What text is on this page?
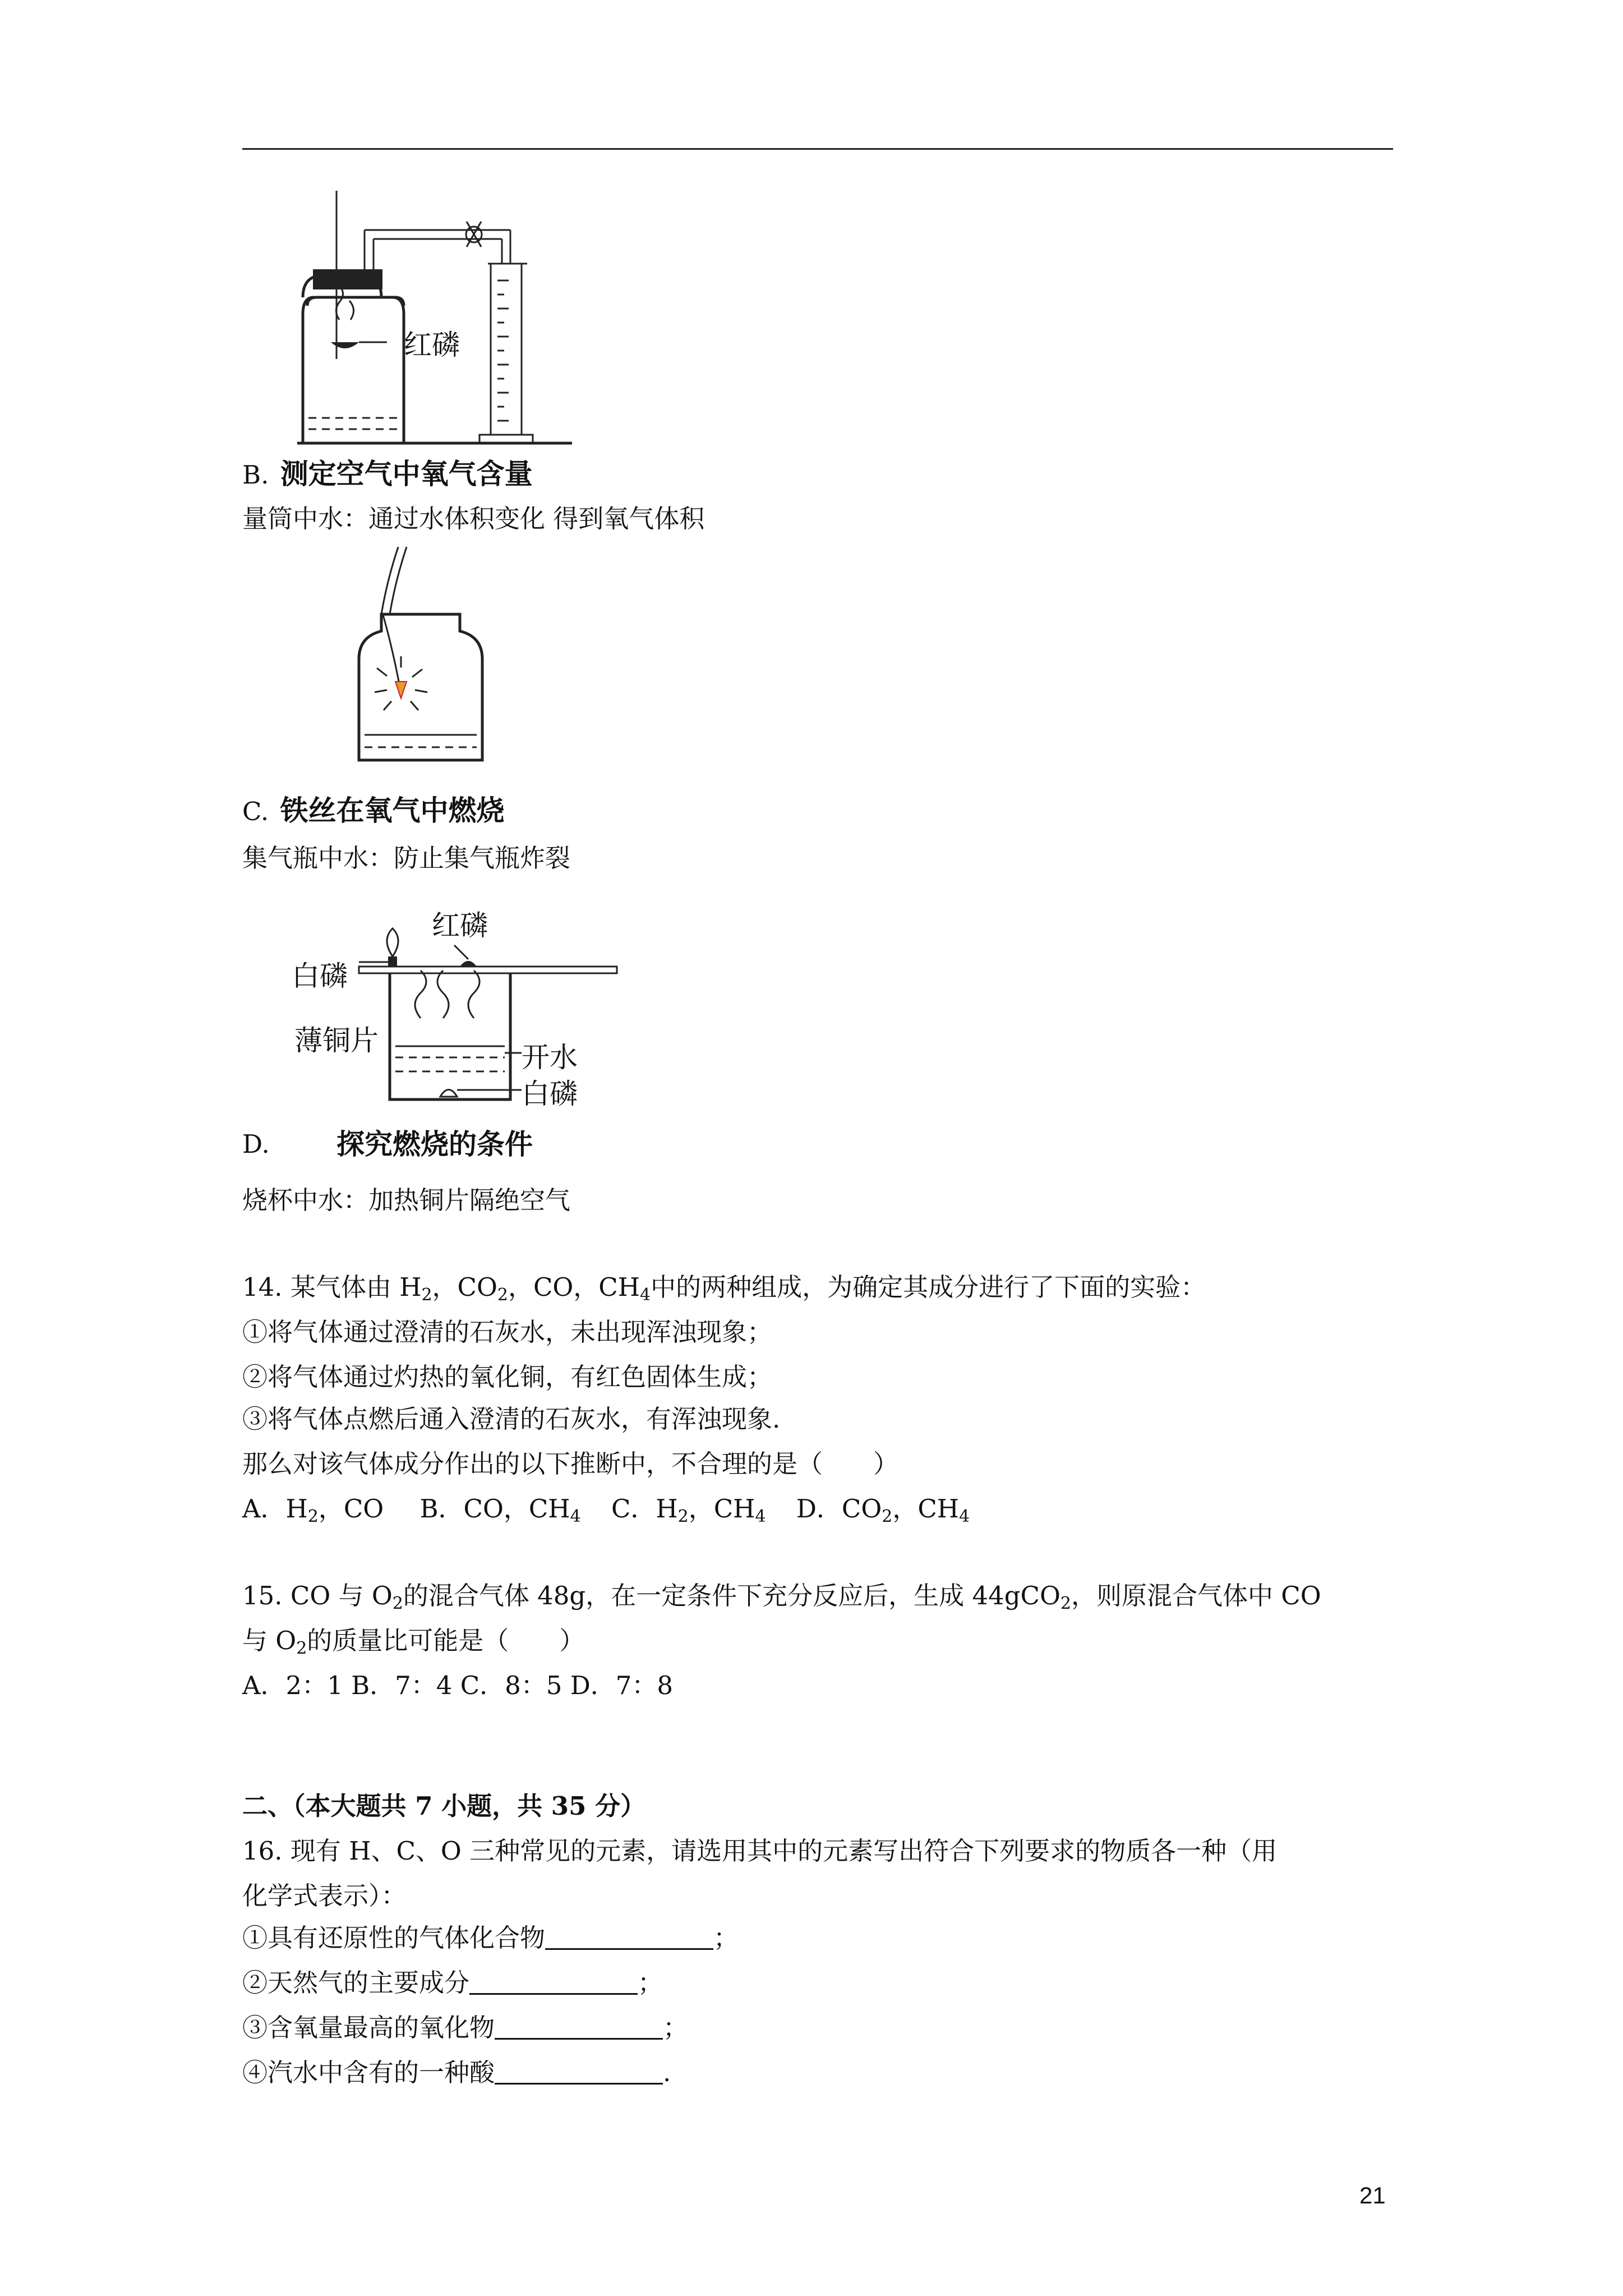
红磷
B. 测定空气中氧气含量
量筒中水：通过水体积变化 得到氧气体积
C. 铁丝在氧气中燃烧
集气瓶中水：防止集气瓶炸裂
红磷
白磷
薄铜片
开水
白磷
D. 探究燃烧的条件
烧杯中水：加热铜片隔绝空气
14. 某气体由 $H_2$，$CO_2$，CO，$CH_4$中的两种组成，为确定其成分进行了下面的实验：
①将气体通过澄清的石灰水，未出现浑浊现象；
②将气体通过灼热的氧化铜，有红色固体生成；
③将气体点燃后通入澄清的石灰水，有浑浊现象.
那么对该气体成分作出的以下推断中，不合理的是（　　）
A．$H_2$，CO B．CO，$CH_4$ C．$H_2$，$CH_4$ D．$CO_2$，$CH_4$
15. CO 与 $O_2$的混合气体 48g，在一定条件下充分反应后，生成 44gCO$_2$，则原混合气体中 CO
与 $O_2$的质量比可能是（　　）
A．2：1 B．7：4 C．8：5 D．7：8
二、（本大题共 7 小题，共 35 分）
16. 现有 H、C、O 三种常见的元素，请选用其中的元素写出符合下列要求的物质各一种（用
化学式表示）：
①具有还原性的气体化合物	；
②天然气的主要成分	；
③含氧量最高的氧化物	；
④汽水中含有的一种酸	.
21
